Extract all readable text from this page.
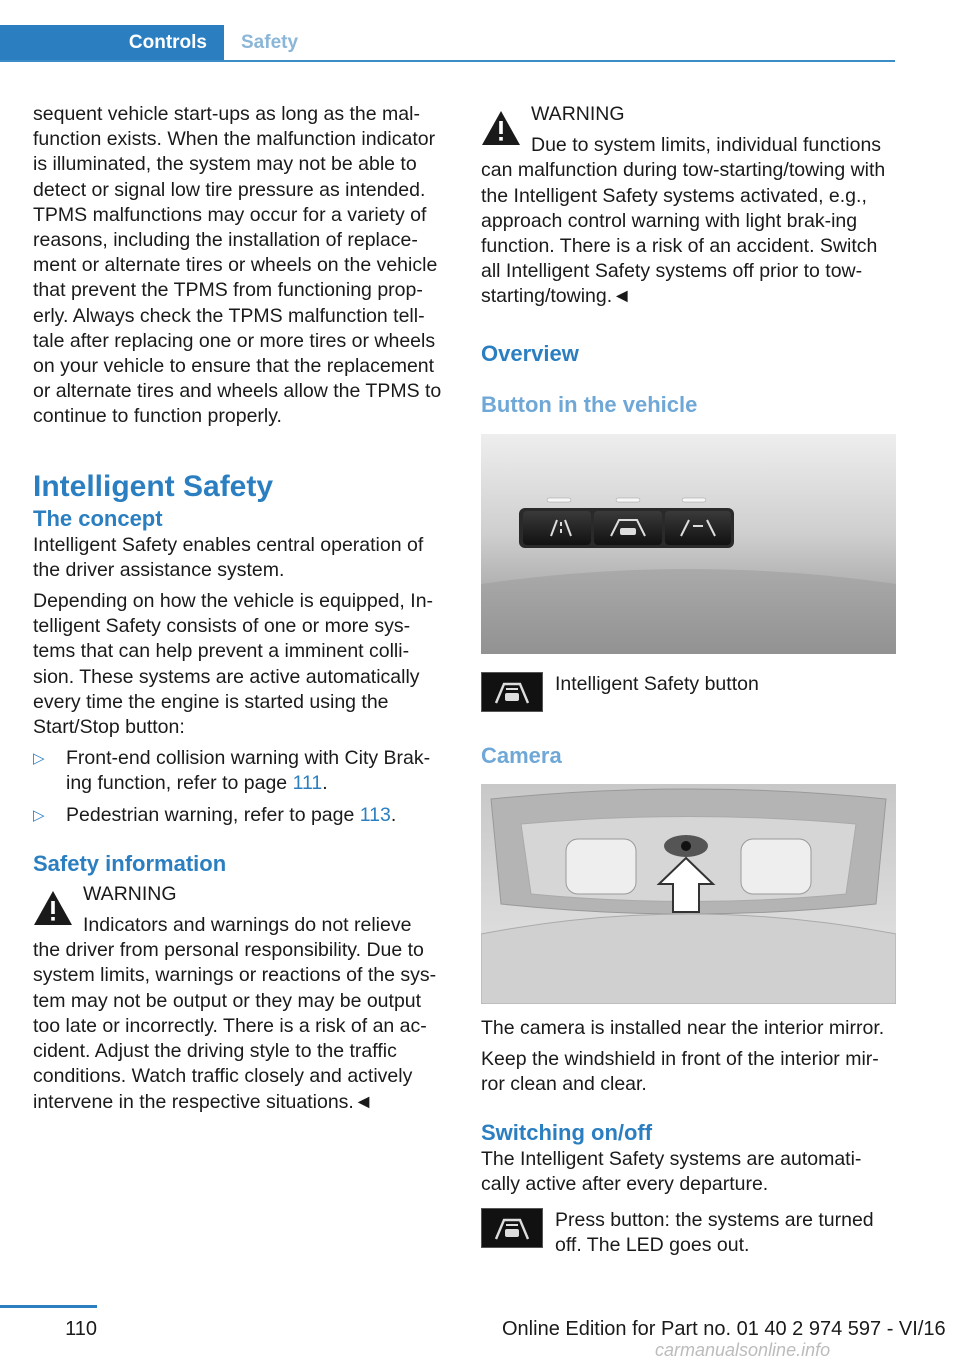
Controls	Safety

sequent vehicle start-ups as long as the mal-function exists. When the malfunction indicator is illuminated, the system may not be able to detect or signal low tire pressure as intended. TPMS malfunctions may occur for a variety of reasons, including the installation of replace-ment or alternate tires or wheels on the vehicle that prevent the TPMS from functioning prop-erly. Always check the TPMS malfunction tell-tale after replacing one or more tires or wheels on your vehicle to ensure that the replacement or alternate tires and wheels allow the TPMS to continue to function properly.

Intelligent Safety
The concept

Intelligent Safety enables central operation of the driver assistance system.

Depending on how the vehicle is equipped, In-telligent Safety consists of one or more sys-tems that can help prevent a imminent colli-sion. These systems are active automatically every time the engine is started using the Start/Stop button:

▷ Front-end collision warning with City Brak-ing function, refer to page 111.
▷ Pedestrian warning, refer to page 113.
Safety information

WARNING

Indicators and warnings do not relieve

the driver from personal responsibility. Due to system limits, warnings or reactions of the sys-tem may not be output or they may be output too late or incorrectly. There is a risk of an ac-cident. Adjust the driving style to the traffic conditions. Watch traffic closely and actively intervene in the respective situations.◄

WARNING

Due to system limits, individual functions

can malfunction during tow-starting/towing with the Intelligent Safety systems activated, e.g., approach control warning with light brak-ing function. There is a risk of an accident. Switch all Intelligent Safety systems off prior to tow-starting/towing.◄

Overview
Button in the vehicle

Intelligent Safety button

Camera

The camera is installed near the interior mirror.

Keep the windshield in front of the interior mir-ror clean and clear.

Switching on/off

The Intelligent Safety systems are automati-cally active after every departure.

Press button: the systems are turned off. The LED goes out.

110	Online Edition for Part no. 01 40 2 974 597 - VI/16
carmanualsonline.info
